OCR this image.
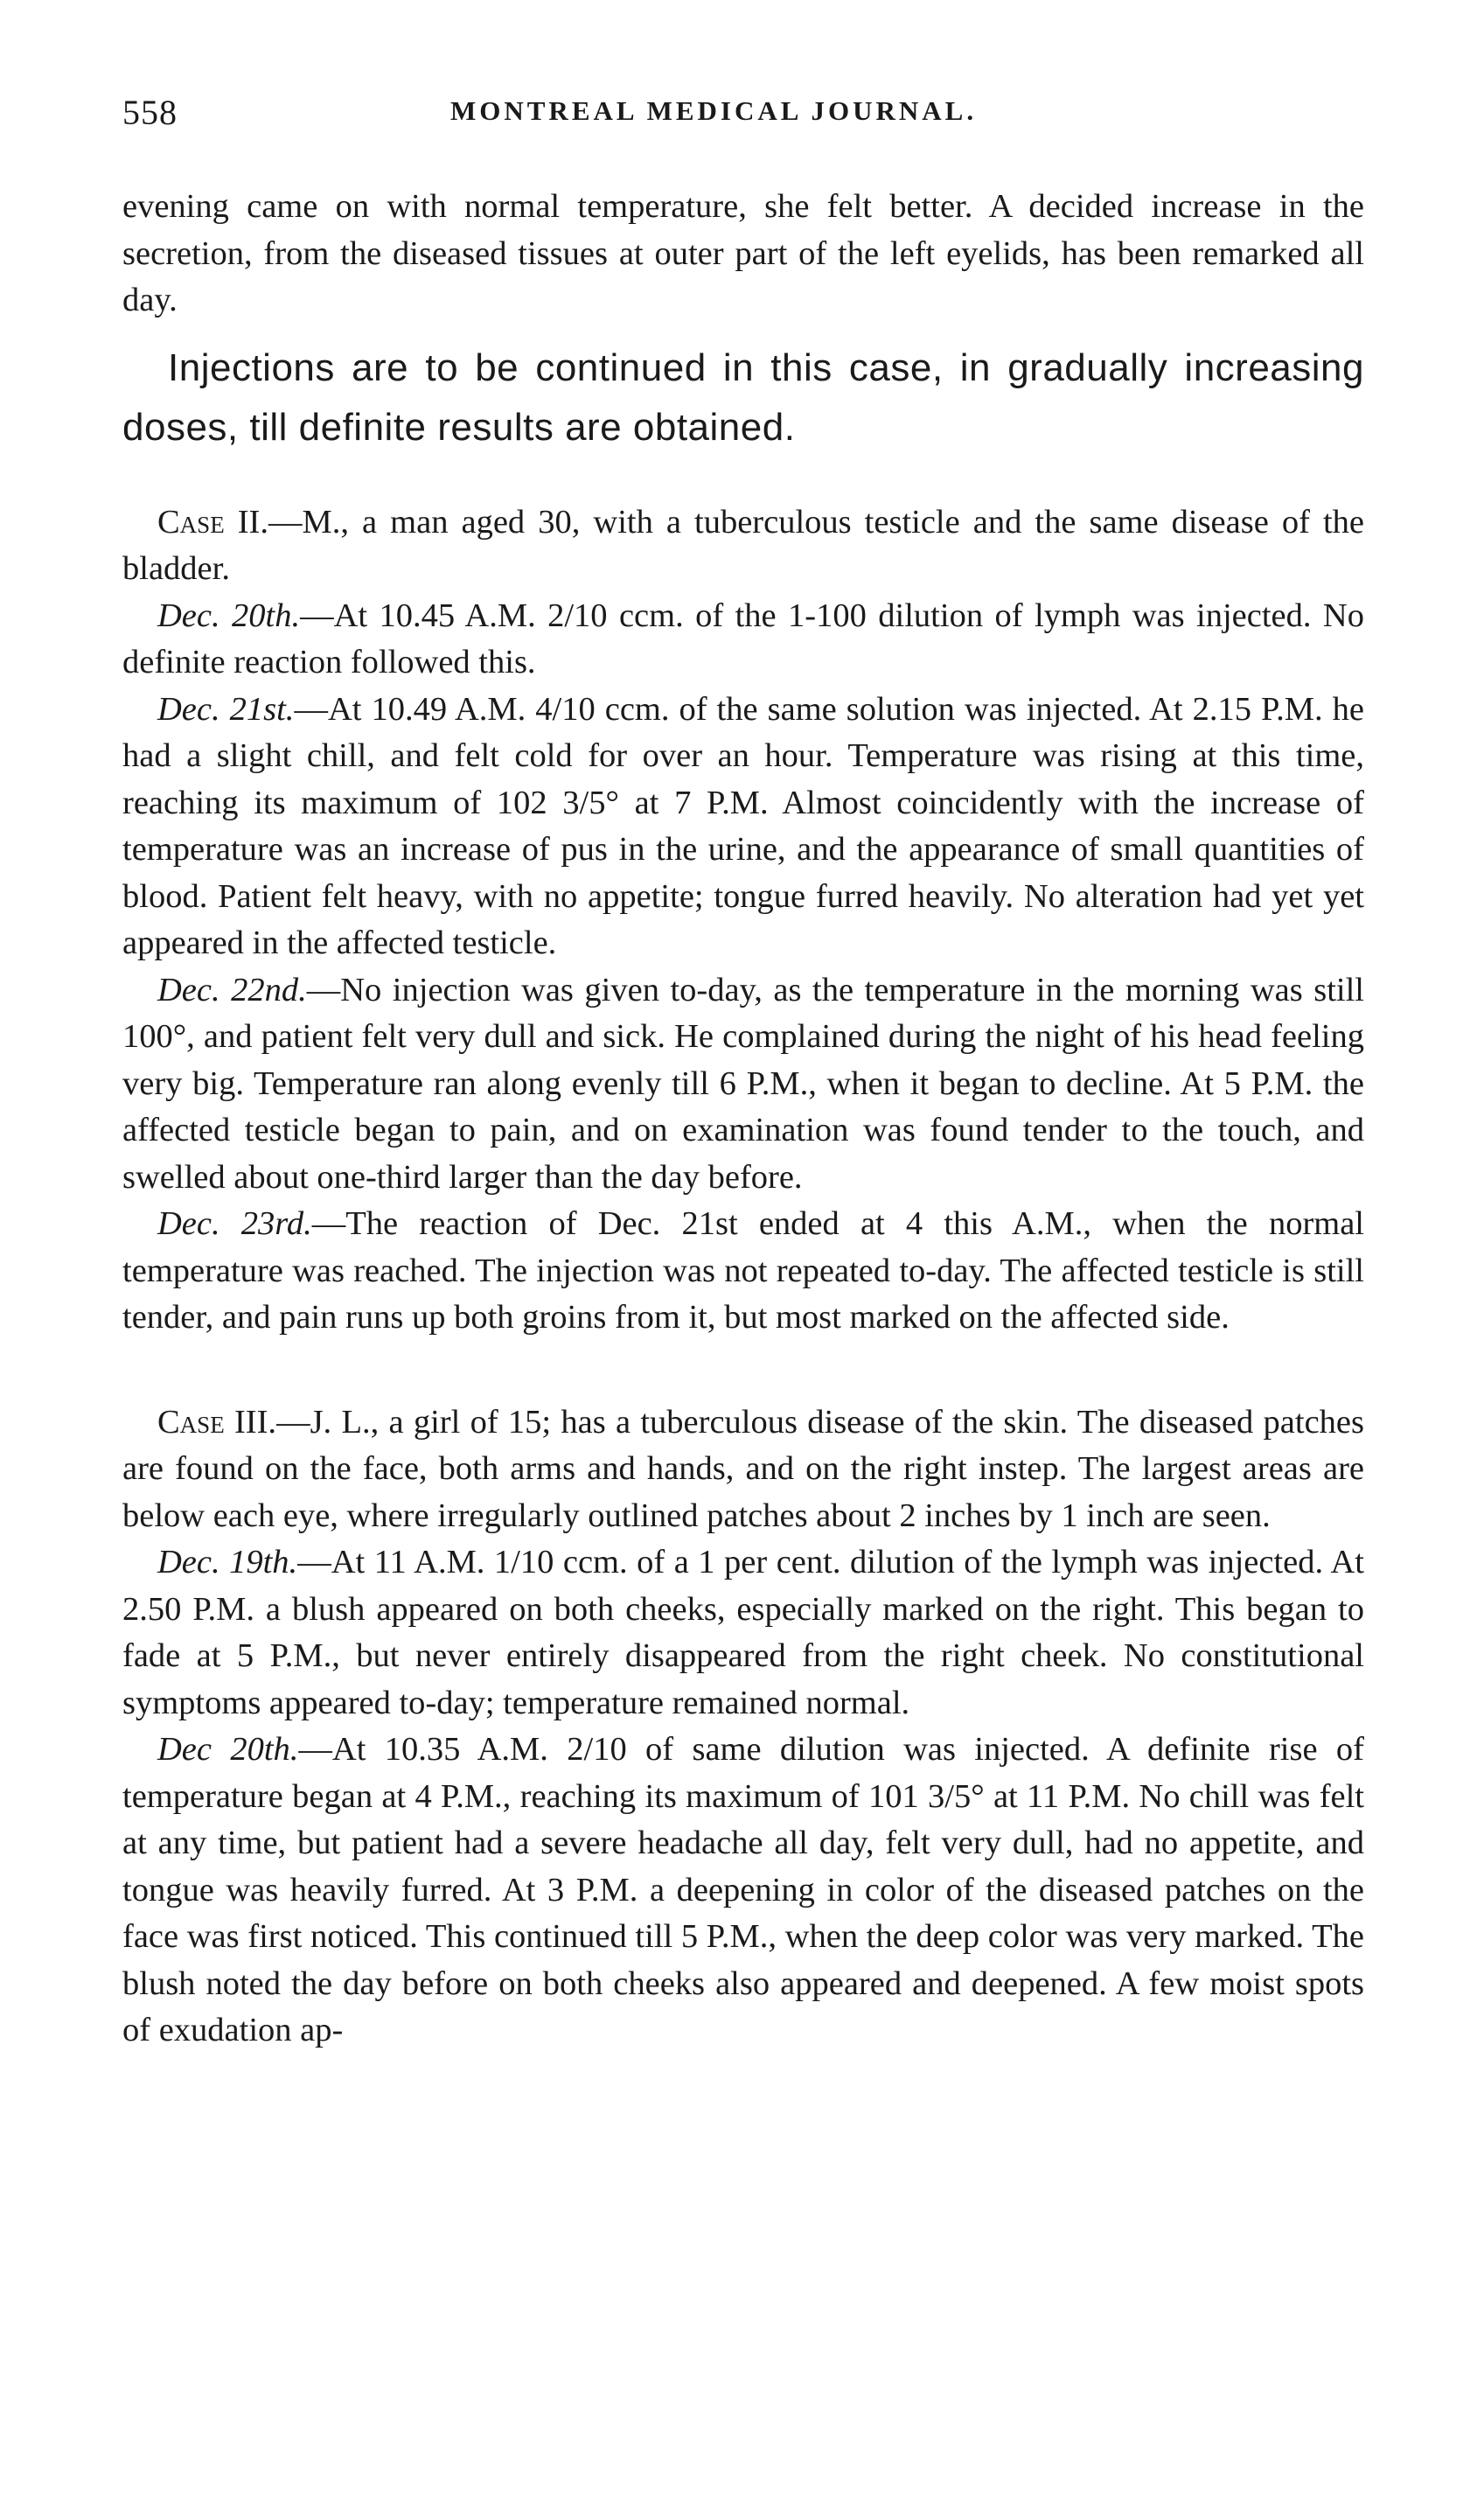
558	MONTREAL MEDICAL JOURNAL.

evening came on with normal temperature, she felt better. A decided increase in the secretion, from the diseased tissues at outer part of the left eyelids, has been remarked all day.

Injections are to be continued in this case, in gradually increasing doses, till definite results are obtained.

Case II.—M., a man aged 30, with a tuberculous testicle and the same disease of the bladder.

Dec. 20th.—At 10.45 A.M. 2/10 ccm. of the 1-100 dilution of lymph was injected. No definite reaction followed this.

Dec. 21st.—At 10.49 A.M. 4/10 ccm. of the same solution was injected. At 2.15 P.M. he had a slight chill, and felt cold for over an hour. Temperature was rising at this time, reaching its maximum of 102 3/5° at 7 P.M. Almost coincidently with the increase of temperature was an increase of pus in the urine, and the appearance of small quantities of blood. Patient felt heavy, with no appetite; tongue furred heavily. No alteration had yet yet appeared in the affected testicle.

Dec. 22nd.—No injection was given to-day, as the temperature in the morning was still 100°, and patient felt very dull and sick. He complained during the night of his head feeling very big. Temperature ran along evenly till 6 P.M., when it began to decline. At 5 P.M. the affected testicle began to pain, and on examination was found tender to the touch, and swelled about one-third larger than the day before.

Dec. 23rd.—The reaction of Dec. 21st ended at 4 this A.M., when the normal temperature was reached. The injection was not repeated to-day. The affected testicle is still tender, and pain runs up both groins from it, but most marked on the affected side.

Case III.—J. L., a girl of 15; has a tuberculous disease of the skin. The diseased patches are found on the face, both arms and hands, and on the right instep. The largest areas are below each eye, where irregularly outlined patches about 2 inches by 1 inch are seen.

Dec. 19th.—At 11 A.M. 1/10 ccm. of a 1 per cent. dilution of the lymph was injected. At 2.50 P.M. a blush appeared on both cheeks, especially marked on the right. This began to fade at 5 P.M., but never entirely disappeared from the right cheek. No constitutional symptoms appeared to-day; temperature remained normal.

Dec 20th.—At 10.35 A.M. 2/10 of same dilution was injected. A definite rise of temperature began at 4 P.M., reaching its maximum of 101 3/5° at 11 P.M. No chill was felt at any time, but patient had a severe headache all day, felt very dull, had no appetite, and tongue was heavily furred. At 3 P.M. a deepening in color of the diseased patches on the face was first noticed. This continued till 5 P.M., when the deep color was very marked. The blush noted the day before on both cheeks also appeared and deepened. A few moist spots of exudation ap-
